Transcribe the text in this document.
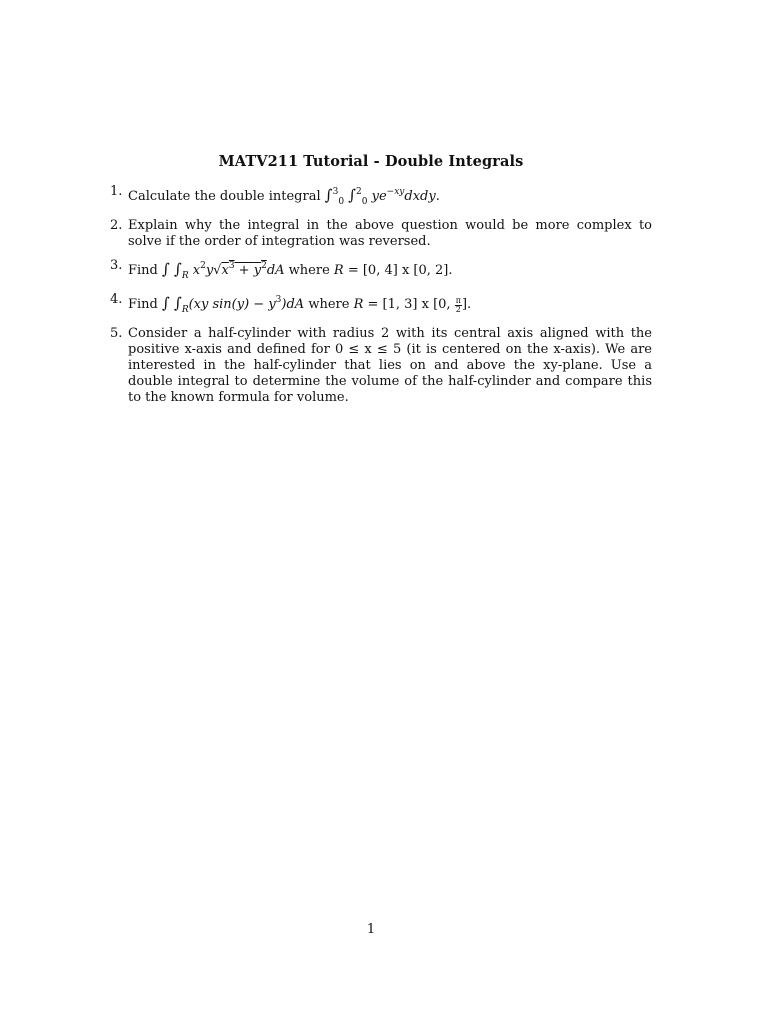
MATV211 Tutorial - Double Integrals
1. Calculate the double integral ∫$^3_0$ ∫$^2_0$ $ye^{-xy}dxdy$.
2. Explain why the integral in the above question would be more complex to solve if the order of integration was reversed.
3. Find ∫ $\int_R$ $x^2y√x^3 + y^2dA$ where R = [0, 4] x [0, 2].
4. Find ∫ $\int_R(xy$ $\sin(y) - y^3)dA$ where R = [1, 3] x [0, $\frac{\pi}{2}$ ].
5. Consider a half-cylinder with radius 2 with its central axis aligned with the positive x-axis and defined for 0 ≤ x ≤ 5 (it is centered on the x-axis). We are interested in the half-cylinder that lies on and above the xy-plane. Use a double integral to determine the volume of the half-cylinder and compare this to the known formula for volume.
1
